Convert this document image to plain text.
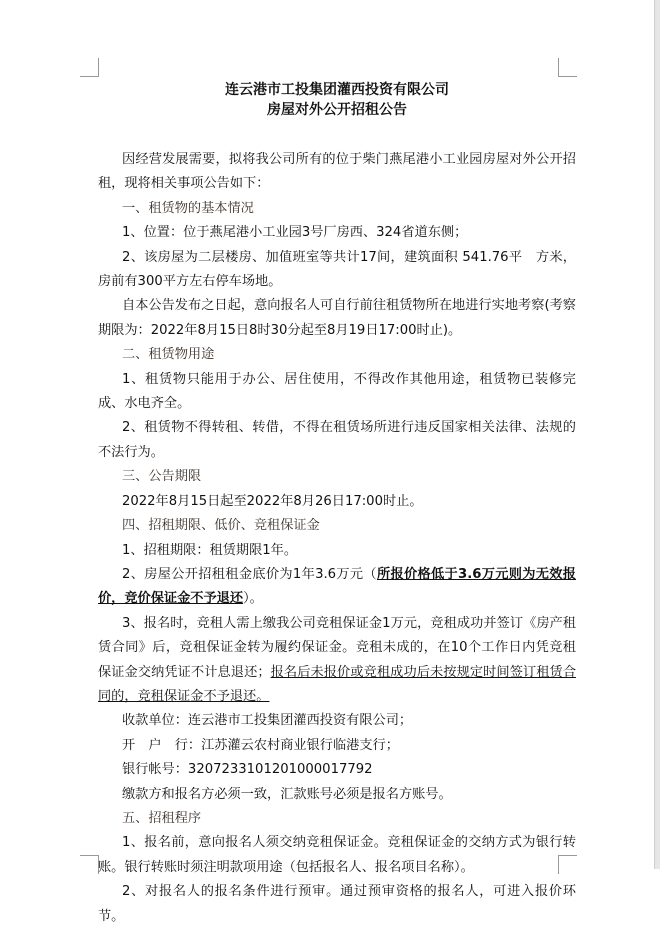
连云港市工投集团灌西投资有限公司

房屋对外公开招租公告

因经营发展需要，拟将我公司所有的位于柴门燕尾港小工业园房屋对外公开招租，现将相关事项公告如下：

一、租赁物的基本情况

1、位置：位于燕尾港小工业园3号厂房西、324省道东侧；

2、该房屋为二层楼房、加值班室等共计17间，建筑面积 541.76平　方米，房前有300平方左右停车场地。

自本公告发布之日起，意向报名人可自行前往租赁物所在地进行实地考察(考察期限为：2022年8月15日8时30分起至8月19日17:00时止)。

二、租赁物用途

1、租赁物只能用于办公、居住使用，不得改作其他用途，租赁物已装修完成、水电齐全。

2、租赁物不得转租、转借，不得在租赁场所进行违反国家相关法律、法规的不法行为。

三、公告期限

2022年8月15日起至2022年8月26日17:00时止。

四、招租期限、低价、竞租保证金

1、招租期限：租赁期限1年。

2、房屋公开招租租金底价为1年3.6万元（所报价格低于3.6万元则为无效报价，竞价保证金不予退还）。

3、报名时，竞租人需上缴我公司竞租保证金1万元，竞租成功并签订《房产租赁合同》后，竞租保证金转为履约保证金。竞租未成的，在10个工作日内凭竞租保证金交纳凭证不计息退还；报名后未报价或竞租成功后未按规定时间签订租赁合同的，竞租保证金不予退还。

收款单位：连云港市工投集团灌西投资有限公司；

开　户　行：江苏灌云农村商业银行临港支行；

银行帐号：3207233101201000017792

缴款方和报名方必须一致，汇款账号必须是报名方账号。

五、招租程序

1、报名前，意向报名人须交纳竞租保证金。竞租保证金的交纳方式为银行转账。银行转账时须注明款项用途（包括报名人、报名项目名称）。

2、对报名人的报名条件进行预审。通过预审资格的报名人，可进入报价环节。
